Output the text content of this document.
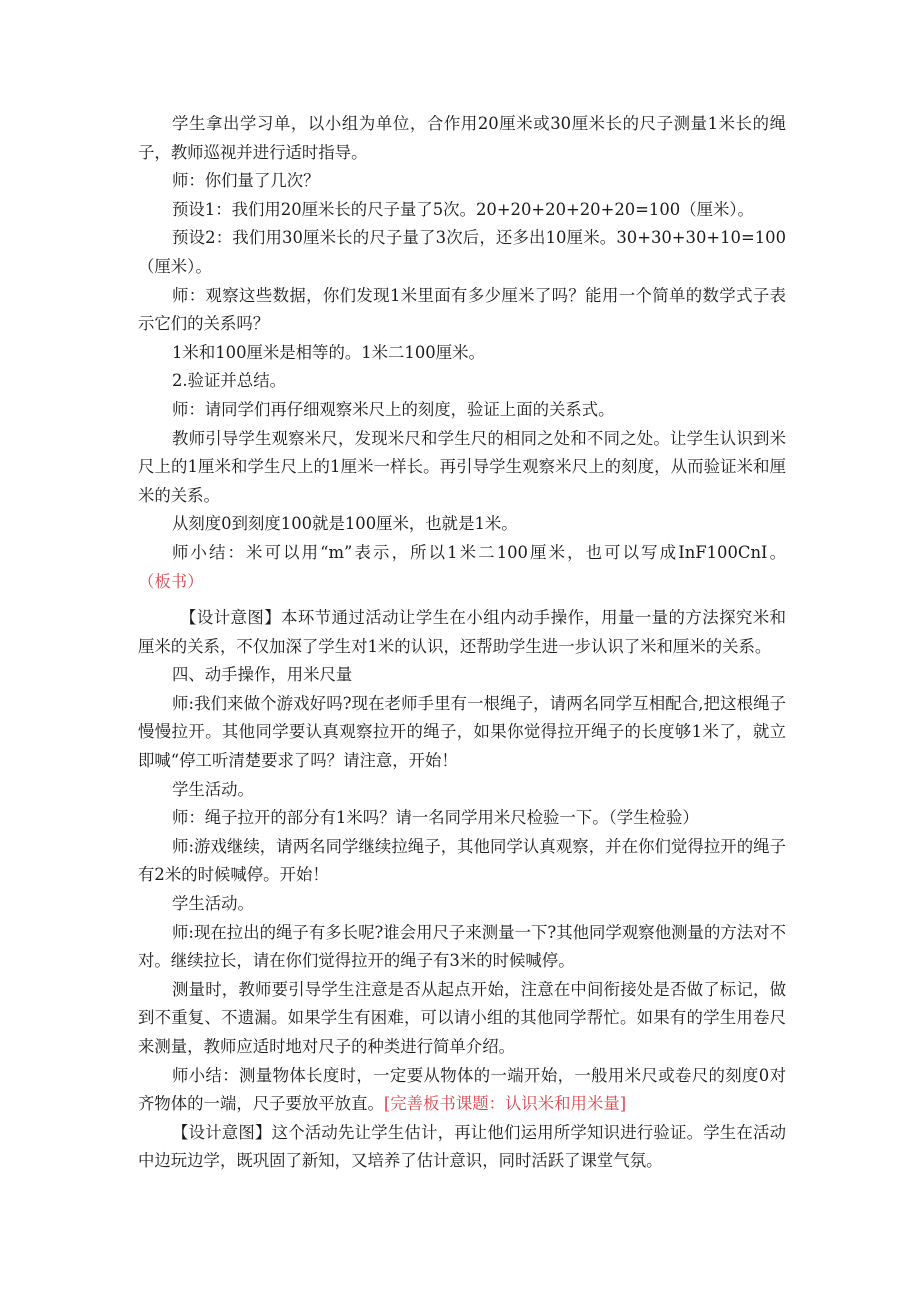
学生拿出学习单，以小组为单位，合作用20厘米或30厘米长的尺子测量1米长的绳子，教师巡视并进行适时指导。

师：你们量了几次？

预设1：我们用20厘米长的尺子量了5次。20+20+20+20+20=100（厘米）。

预设2：我们用30厘米长的尺子量了3次后，还多出10厘米。30+30+30+10=100（厘米）。

师：观察这些数据，你们发现1米里面有多少厘米了吗？能用一个简单的数学式子表示它们的关系吗？

1米和100厘米是相等的。1米二100厘米。

2.验证并总结。

师：请同学们再仔细观察米尺上的刻度，验证上面的关系式。

教师引导学生观察米尺，发现米尺和学生尺的相同之处和不同之处。让学生认识到米尺上的1厘米和学生尺上的1厘米一样长。再引导学生观察米尺上的刻度，从而验证米和厘米的关系。

从刻度0到刻度100就是100厘米，也就是1米。

师小结：米可以用“m”表示，所以1米二100厘米，也可以写成InF100CnI。（板书）

【设计意图】本环节通过活动让学生在小组内动手操作，用量一量的方法探究米和厘米的关系，不仅加深了学生对1米的认识，还帮助学生进一步认识了米和厘米的关系。

四、动手操作，用米尺量

师:我们来做个游戏好吗?现在老师手里有一根绳子，请两名同学互相配合,把这根绳子慢慢拉开。其他同学要认真观察拉开的绳子，如果你觉得拉开绳子的长度够1米了，就立即喊“停工听清楚要求了吗？请注意，开始！

学生活动。

师：绳子拉开的部分有1米吗？请一名同学用米尺检验一下。（学生检验）

师:游戏继续，请两名同学继续拉绳子，其他同学认真观察，并在你们觉得拉开的绳子有2米的时候喊停。开始！

学生活动。

师:现在拉出的绳子有多长呢?谁会用尺子来测量一下?其他同学观察他测量的方法对不对。继续拉长，请在你们觉得拉开的绳子有3米的时候喊停。

测量时，教师要引导学生注意是否从起点开始，注意在中间衔接处是否做了标记，做到不重复、不遗漏。如果学生有困难，可以请小组的其他同学帮忙。如果有的学生用卷尺来测量，教师应适时地对尺子的种类进行简单介绍。

师小结：测量物体长度时，一定要从物体的一端开始，一般用米尺或卷尺的刻度0对齐物体的一端，尺子要放平放直。[完善板书课题：认识米和用米量]

【设计意图】这个活动先让学生估计，再让他们运用所学知识进行验证。学生在活动中边玩边学，既巩固了新知，又培养了估计意识，同时活跃了课堂气氛。
